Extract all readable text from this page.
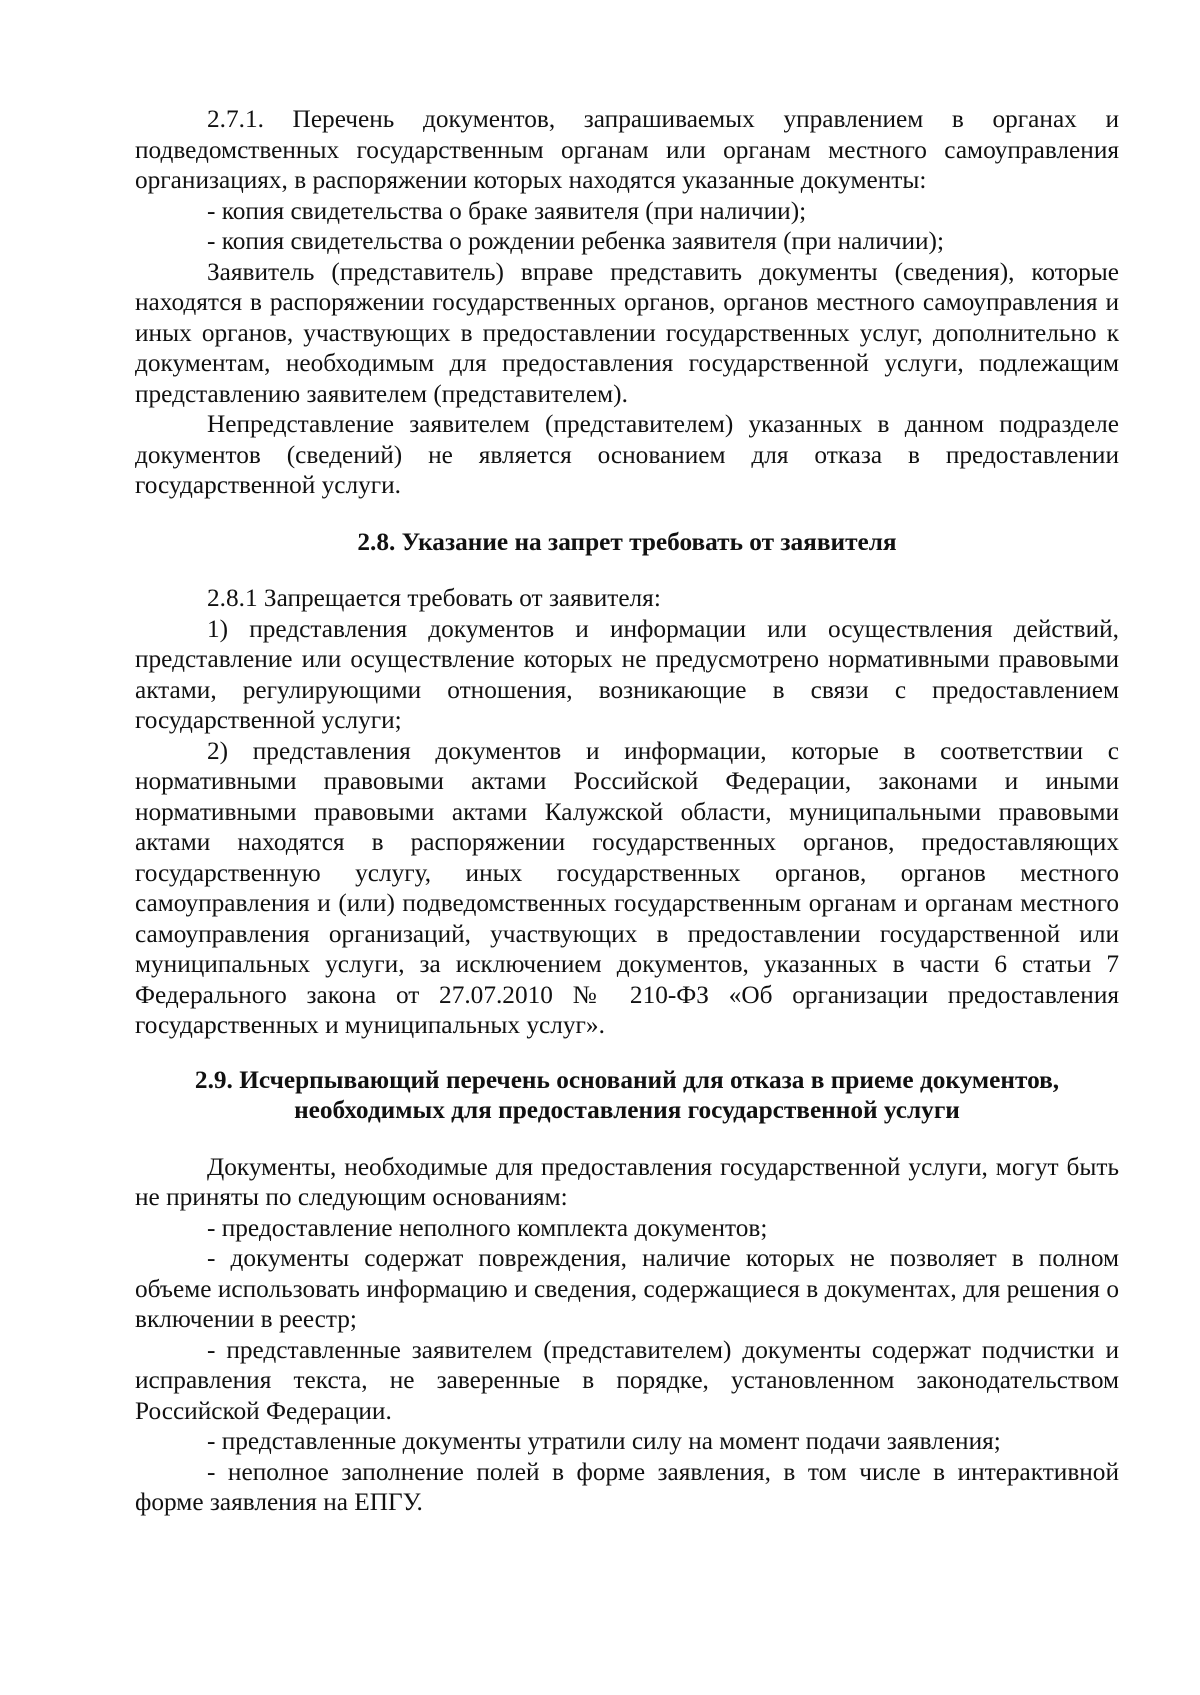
2.7.1. Перечень документов, запрашиваемых управлением в органах и подведомственных государственным органам или органам местного самоуправления организациях, в распоряжении которых находятся указанные документы:

- копия свидетельства о браке заявителя (при наличии);

- копия свидетельства о рождении ребенка заявителя (при наличии);

Заявитель (представитель) вправе представить документы (сведения), которые находятся в распоряжении государственных органов, органов местного самоуправления и иных органов, участвующих в предоставлении государственных услуг, дополнительно к документам, необходимым для предоставления государственной услуги, подлежащим представлению заявителем (представителем).

Непредставление заявителем (представителем) указанных в данном подразделе документов (сведений) не является основанием для отказа в предоставлении государственной услуги.

2.8. Указание на запрет требовать от заявителя

2.8.1 Запрещается требовать от заявителя:

1) представления документов и информации или осуществления действий, представление или осуществление которых не предусмотрено нормативными правовыми актами, регулирующими отношения, возникающие в связи с предоставлением государственной услуги;

2) представления документов и информации, которые в соответствии с нормативными правовыми актами Российской Федерации, законами и иными нормативными правовыми актами Калужской области, муниципальными правовыми актами находятся в распоряжении государственных органов, предоставляющих государственную услугу, иных государственных органов, органов местного самоуправления и (или) подведомственных государственным органам и органам местного самоуправления организаций, участвующих в предоставлении государственной или муниципальных услуги, за исключением документов, указанных в части 6 статьи 7 Федерального закона от 27.07.2010 № 210-ФЗ «Об организации предоставления государственных и муниципальных услуг».

2.9. Исчерпывающий перечень оснований для отказа в приеме документов,
необходимых для предоставления государственной услуги

Документы, необходимые для предоставления государственной услуги, могут быть не приняты по следующим основаниям:

- предоставление неполного комплекта документов;

- документы содержат повреждения, наличие которых не позволяет в полном объеме использовать информацию и сведения, содержащиеся в документах, для решения о включении в реестр;

- представленные заявителем (представителем) документы содержат подчистки и исправления текста, не заверенные в порядке, установленном законодательством Российской Федерации.

- представленные документы утратили силу на момент подачи заявления;

- неполное заполнение полей в форме заявления, в том числе в интерактивной форме заявления на ЕПГУ.
